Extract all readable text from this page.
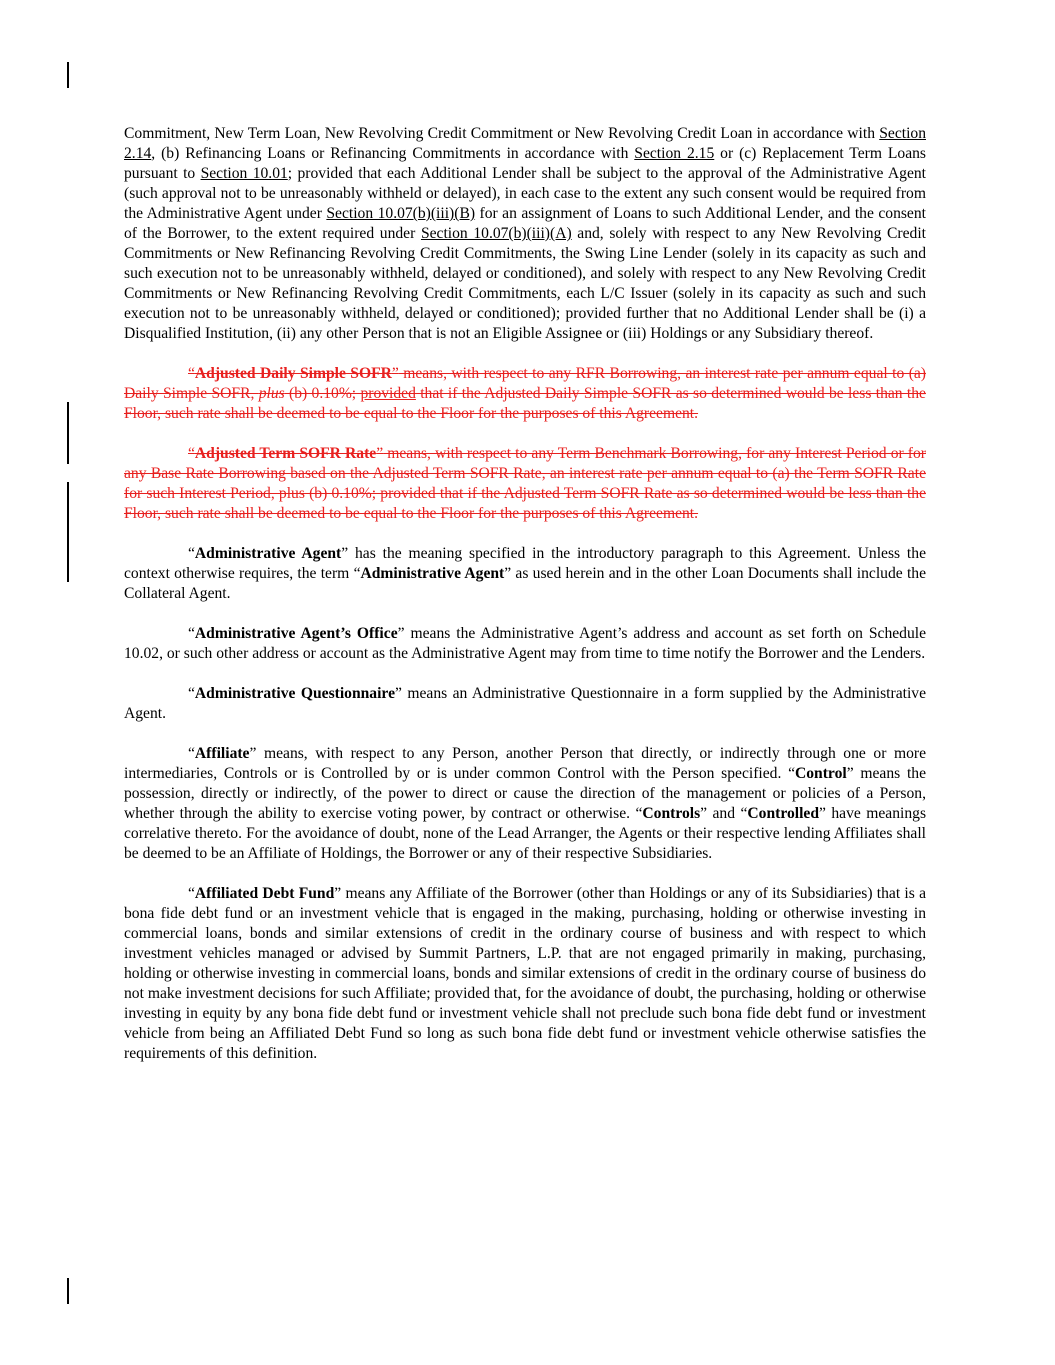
Commitment, New Term Loan, New Revolving Credit Commitment or New Revolving Credit Loan in accordance with Section 2.14, (b) Refinancing Loans or Refinancing Commitments in accordance with Section 2.15 or (c) Replacement Term Loans pursuant to Section 10.01; provided that each Additional Lender shall be subject to the approval of the Administrative Agent (such approval not to be unreasonably withheld or delayed), in each case to the extent any such consent would be required from the Administrative Agent under Section 10.07(b)(iii)(B) for an assignment of Loans to such Additional Lender, and the consent of the Borrower, to the extent required under Section 10.07(b)(iii)(A) and, solely with respect to any New Revolving Credit Commitments or New Refinancing Revolving Credit Commitments, the Swing Line Lender (solely in its capacity as such and such execution not to be unreasonably withheld, delayed or conditioned), and solely with respect to any New Revolving Credit Commitments or New Refinancing Revolving Credit Commitments, each L/C Issuer (solely in its capacity as such and such execution not to be unreasonably withheld, delayed or conditioned); provided further that no Additional Lender shall be (i) a Disqualified Institution, (ii) any other Person that is not an Eligible Assignee or (iii) Holdings or any Subsidiary thereof.

“Adjusted Daily Simple SOFR” means, with respect to any RFR Borrowing, an interest rate per annum equal to (a) Daily Simple SOFR, plus (b) 0.10%; provided that if the Adjusted Daily Simple SOFR as so determined would be less than the Floor, such rate shall be deemed to be equal to the Floor for the purposes of this Agreement.

“Adjusted Term SOFR Rate” means, with respect to any Term Benchmark Borrowing, for any Interest Period or for any Base Rate Borrowing based on the Adjusted Term SOFR Rate, an interest rate per annum equal to (a) the Term SOFR Rate for such Interest Period, plus (b) 0.10%; provided that if the Adjusted Term SOFR Rate as so determined would be less than the Floor, such rate shall be deemed to be equal to the Floor for the purposes of this Agreement.

“Administrative Agent” has the meaning specified in the introductory paragraph to this Agreement. Unless the context otherwise requires, the term “Administrative Agent” as used herein and in the other Loan Documents shall include the Collateral Agent.

“Administrative Agent’s Office” means the Administrative Agent’s address and account as set forth on Schedule 10.02, or such other address or account as the Administrative Agent may from time to time notify the Borrower and the Lenders.

“Administrative Questionnaire” means an Administrative Questionnaire in a form supplied by the Administrative Agent.

“Affiliate” means, with respect to any Person, another Person that directly, or indirectly through one or more intermediaries, Controls or is Controlled by or is under common Control with the Person specified. “Control” means the possession, directly or indirectly, of the power to direct or cause the direction of the management or policies of a Person, whether through the ability to exercise voting power, by contract or otherwise. “Controls” and “Controlled” have meanings correlative thereto. For the avoidance of doubt, none of the Lead Arranger, the Agents or their respective lending Affiliates shall be deemed to be an Affiliate of Holdings, the Borrower or any of their respective Subsidiaries.

“Affiliated Debt Fund” means any Affiliate of the Borrower (other than Holdings or any of its Subsidiaries) that is a bona fide debt fund or an investment vehicle that is engaged in the making, purchasing, holding or otherwise investing in commercial loans, bonds and similar extensions of credit in the ordinary course of business and with respect to which investment vehicles managed or advised by Summit Partners, L.P. that are not engaged primarily in making, purchasing, holding or otherwise investing in commercial loans, bonds and similar extensions of credit in the ordinary course of business do not make investment decisions for such Affiliate; provided that, for the avoidance of doubt, the purchasing, holding or otherwise investing in equity by any bona fide debt fund or investment vehicle shall not preclude such bona fide debt fund or investment vehicle from being an Affiliated Debt Fund so long as such bona fide debt fund or investment vehicle otherwise satisfies the requirements of this definition.
